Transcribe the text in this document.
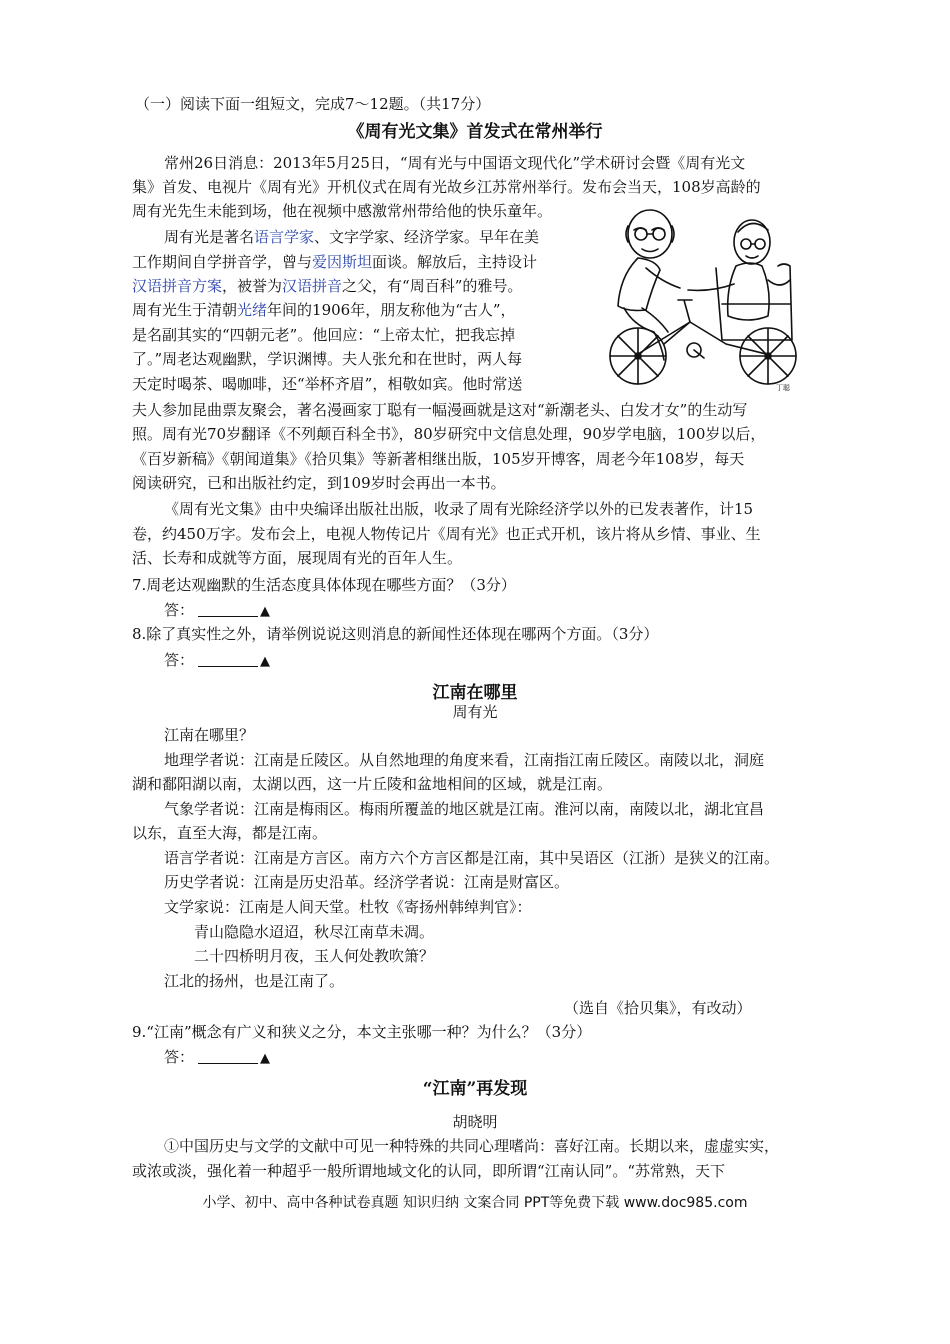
（一）阅读下面一组短文，完成7～12题。（共17分）
《周有光文集》首发式在常州举行
常州26日消息：2013年5月25日，“周有光与中国语文现代化”学术研讨会暨《周有光文
集》首发、电视片《周有光》开机仪式在周有光故乡江苏常州举行。发布会当天，108岁高龄的
周有光先生未能到场，他在视频中感激常州带给他的快乐童年。
周有光是著名语言学家、文字学家、经济学家。早年在美
工作期间自学拼音学，曾与爱因斯坦面谈。解放后，主持设计
汉语拼音方案，被誉为汉语拼音之父，有“周百科”的雅号。
周有光生于清朝光绪年间的1906年，朋友称他为“古人”，
是名副其实的“四朝元老”。他回应：“上帝太忙，把我忘掉
了。”周老达观幽默，学识渊博。夫人张允和在世时，两人每
天定时喝茶、喝咖啡，还“举杯齐眉”，相敬如宾。他时常送
夫人参加昆曲票友聚会，著名漫画家丁聪有一幅漫画就是这对“新潮老头、白发才女”的生动写
照。周有光70岁翻译《不列颠百科全书》，80岁研究中文信息处理，90岁学电脑，100岁以后，
《百岁新稿》《朝闻道集》《拾贝集》等新著相继出版，105岁开博客，周老今年108岁，每天
阅读研究，已和出版社约定，到109岁时会再出一本书。
《周有光文集》由中央编译出版社出版，收录了周有光除经济学以外的已发表著作，计15
卷，约450万字。发布会上，电视人物传记片《周有光》也正式开机，该片将从乡情、事业、生
活、长寿和成就等方面，展现周有光的百年人生。
丁聪
7.周老达观幽默的生活态度具体体现在哪些方面？（3分）
答：	▲
8.除了真实性之外，请举例说说这则消息的新闻性还体现在哪两个方面。（3分）
答：	▲
江南在哪里
周有光
江南在哪里？
地理学者说：江南是丘陵区。从自然地理的角度来看，江南指江南丘陵区。南陵以北，洞庭
湖和鄱阳湖以南，太湖以西，这一片丘陵和盆地相间的区域，就是江南。
气象学者说：江南是梅雨区。梅雨所覆盖的地区就是江南。淮河以南，南陵以北，湖北宜昌
以东，直至大海，都是江南。
语言学者说：江南是方言区。南方六个方言区都是江南，其中吴语区（江浙）是狭义的江南。
历史学者说：江南是历史沿革。经济学者说：江南是财富区。
文学家说：江南是人间天堂。杜牧《寄扬州韩绰判官》：
青山隐隐水迢迢，秋尽江南草未凋。
二十四桥明月夜，玉人何处教吹箫？
江北的扬州，也是江南了。
（选自《拾贝集》，有改动）
9.“江南”概念有广义和狭义之分，本文主张哪一种？为什么？（3分）
答：	▲
“江南”再发现
胡晓明
①中国历史与文学的文献中可见一种特殊的共同心理嗜尚：喜好江南。长期以来，虚虚实实，
或浓或淡，强化着一种超乎一般所谓地域文化的认同，即所谓“江南认同”。“苏常熟，天下
小学、初中、高中各种试卷真题 知识归纳 文案合同 PPT等免费下载 www.doc985.com
